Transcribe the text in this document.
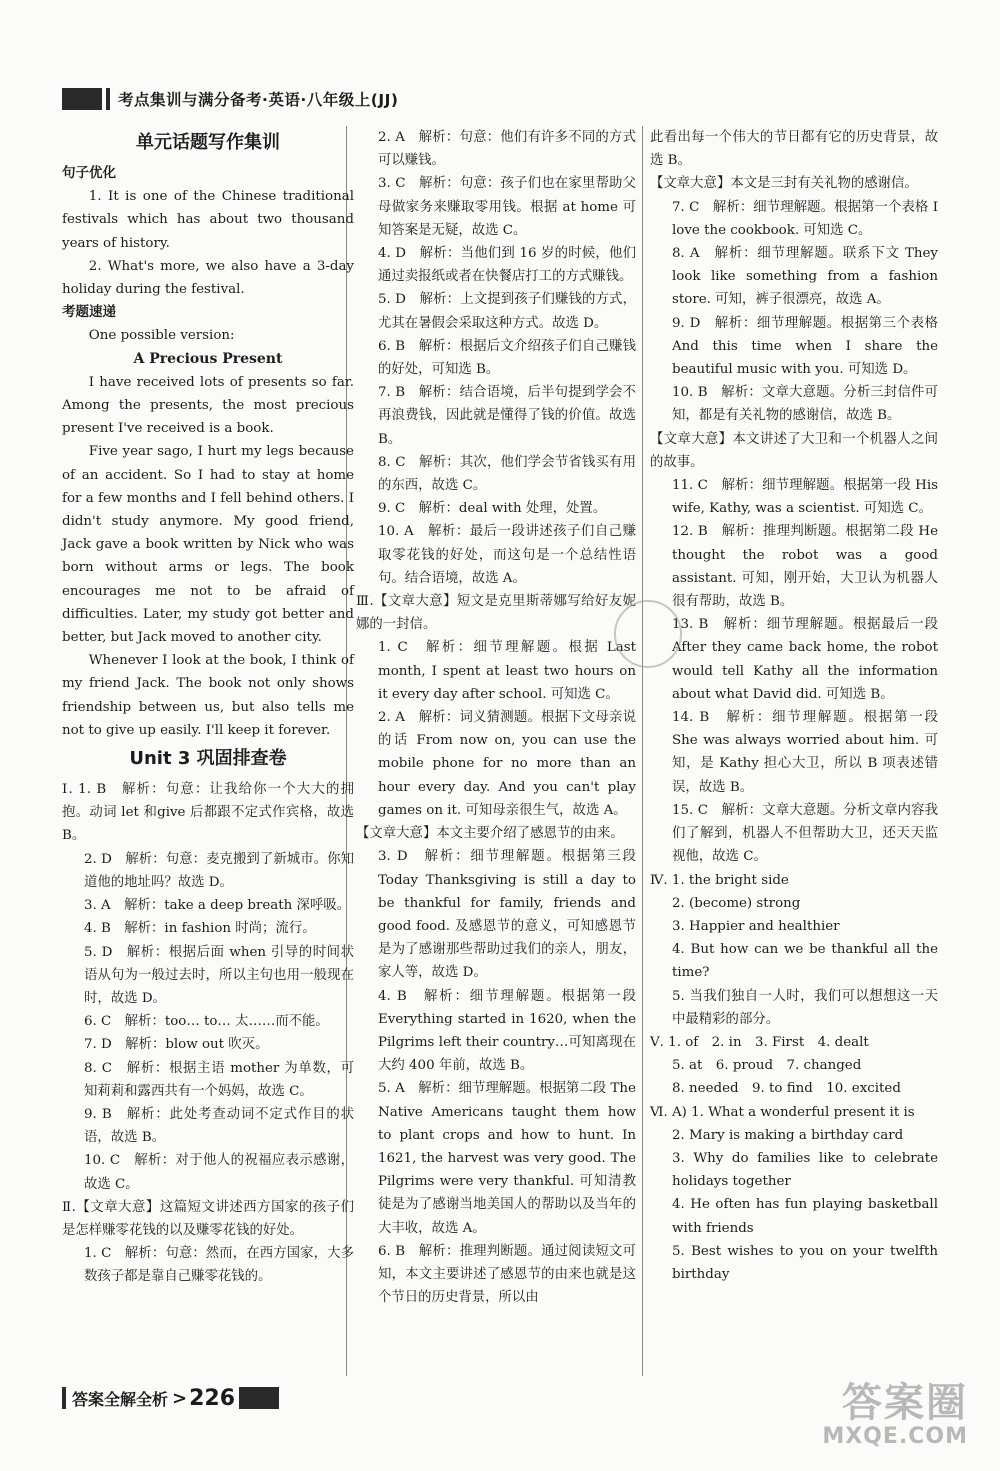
考点集训与满分备考·英语·八年级上(JJ)
单元话题写作集训

句子优化

1. It is one of the Chinese traditional festivals which has about two thousand years of history.

2. What's more, we also have a 3-day holiday during the festival.

考题速递

One possible version:

A Precious Present

I have received lots of presents so far. Among the presents, the most precious present I've received is a book.

Five year sago, I hurt my legs because of an accident. So I had to stay at home for a few months and I fell behind others. I didn't study anymore. My good friend, Jack gave a book written by Nick who was born without arms or legs. The book encourages me not to be afraid of difficulties. Later, my study got better and better, but Jack moved to another city.

Whenever I look at the book, I think of my friend Jack. The book not only shows friendship between us, but also tells me not to give up easily. I'll keep it forever.

Unit 3 巩固排查卷

Ⅰ. 1. B　解析：句意：让我给你一个大大的拥抱。动词 let 和give 后都跟不定式作宾格，故选 B。

2. D　解析：句意：麦克搬到了新城市。你知道他的地址吗？故选 D。

3. A　解析：take a deep breath 深呼吸。

4. B　解析：in fashion 时尚；流行。

5. D　解析：根据后面 when 引导的时间状语从句为一般过去时，所以主句也用一般现在时，故选 D。

6. C　解析：too… to… 太……而不能。

7. D　解析：blow out 吹灭。

8. C　解析：根据主语 mother 为单数，可知莉莉和露西共有一个妈妈，故选 C。

9. B　解析：此处考查动词不定式作目的状语，故选 B。

10. C　解析：对于他人的祝福应表示感谢，故选 C。

Ⅱ.【文章大意】这篇短文讲述西方国家的孩子们是怎样赚零花钱的以及赚零花钱的好处。

1. C　解析：句意：然而，在西方国家，大多数孩子都是靠自己赚零花钱的。

2. A　解析：句意：他们有许多不同的方式可以赚钱。

3. C　解析：句意：孩子们也在家里帮助父母做家务来赚取零用钱。根据 at home 可知答案是无疑，故选 C。

4. D　解析：当他们到 16 岁的时候，他们通过卖报纸或者在快餐店打工的方式赚钱。

5. D　解析：上文提到孩子们赚钱的方式，尤其在暑假会采取这种方式。故选 D。

6. B　解析：根据后文介绍孩子们自己赚钱的好处，可知选 B。

7. B　解析：结合语境，后半句提到学会不再浪费钱，因此就是懂得了钱的价值。故选 B。

8. C　解析：其次，他们学会节省钱买有用的东西，故选 C。

9. C　解析：deal with 处理，处置。

10. A　解析：最后一段讲述孩子们自己赚取零花钱的好处，而这句是一个总结性语句。结合语境，故选 A。

Ⅲ.【文章大意】短文是克里斯蒂娜写给好友妮娜的一封信。

1. C　解析：细节理解题。根据 Last month, I spent at least two hours on it every day after school. 可知选 C。

2. A　解析：词义猜测题。根据下文母亲说的话 From now on, you can use the mobile phone for no more than an hour every day. And you can't play games on it. 可知母亲很生气，故选 A。

【文章大意】本文主要介绍了感恩节的由来。

3. D　解析：细节理解题。根据第三段 Today Thanksgiving is still a day to be thankful for family, friends and good food. 及感恩节的意义，可知感恩节是为了感谢那些帮助过我们的亲人，朋友，家人等，故选 D。

4. B　解析：细节理解题。根据第一段 Everything started in 1620, when the Pilgrims left their country…可知离现在大约 400 年前，故选 B。

5. A　解析：细节理解题。根据第二段 The Native Americans taught them how to plant crops and how to hunt. In 1621, the harvest was very good. The Pilgrims were very thankful. 可知清教徒是为了感谢当地美国人的帮助以及当年的大丰收，故选 A。

6. B　解析：推理判断题。通过阅读短文可知，本文主要讲述了感恩节的由来也就是这个节日的历史背景，所以由

此看出每一个伟大的节日都有它的历史背景，故选 B。

【文章大意】本文是三封有关礼物的感谢信。

7. C　解析：细节理解题。根据第一个表格 I love the cookbook. 可知选 C。

8. A　解析：细节理解题。联系下文 They look like something from a fashion store. 可知，裤子很漂亮，故选 A。

9. D　解析：细节理解题。根据第三个表格 And this time when I share the beautiful music with you. 可知选 D。

10. B　解析：文章大意题。分析三封信件可知，都是有关礼物的感谢信，故选 B。

【文章大意】本文讲述了大卫和一个机器人之间的故事。

11. C　解析：细节理解题。根据第一段 His wife, Kathy, was a scientist. 可知选 C。

12. B　解析：推理判断题。根据第二段 He thought the robot was a good assistant. 可知，刚开始，大卫认为机器人很有帮助，故选 B。

13. B　解析：细节理解题。根据最后一段 After they came back home, the robot would tell Kathy all the information about what David did. 可知选 B。

14. B　解析：细节理解题。根据第一段 She was always worried about him. 可知，是 Kathy 担心大卫，所以 B 项表述错误，故选 B。

15. C　解析：文章大意题。分析文章内容我们了解到，机器人不但帮助大卫，还天天监视他，故选 C。

Ⅳ. 1. the bright side

2. (become) strong

3. Happier and healthier

4. But how can we be thankful all the time?

5. 当我们独自一人时，我们可以想想这一天中最精彩的部分。

Ⅴ. 1. of　2. in　3. First　4. dealt

5. at　6. proud　7. changed

8. needed　9. to find　10. excited

Ⅵ. A) 1. What a wonderful present it is

2. Mary is making a birthday card

3. Why do families like to celebrate holidays together

4. He often has fun playing basketball with friends

5. Best wishes to you on your twelfth birthday

答案全解全析 > 226	答案圈
MXQE.COM
